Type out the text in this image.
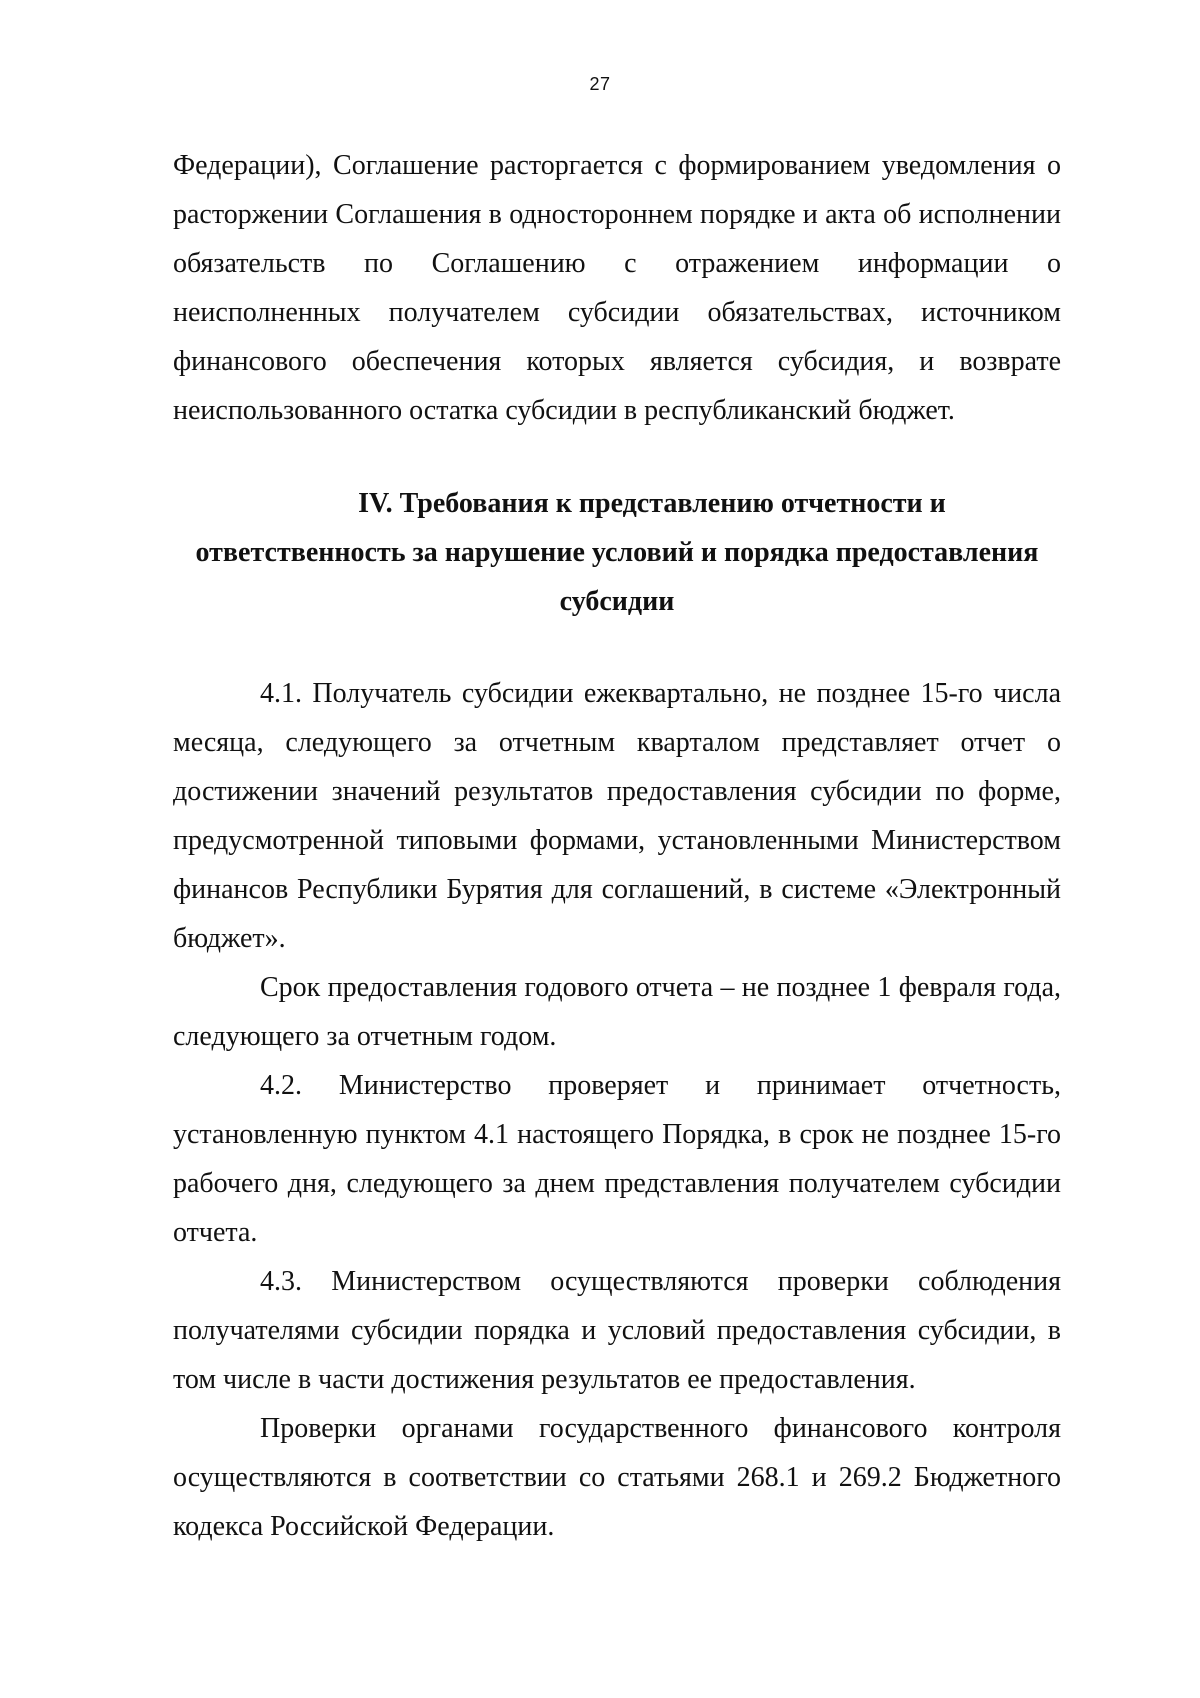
27

Федерации), Соглашение расторгается с формированием уведомления о расторжении Соглашения в одностороннем порядке и акта об исполнении обязательств по Соглашению с отражением информации о неисполненных получателем субсидии обязательствах, источником финансового обеспечения которых является субсидия, и возврате неиспользованного остатка субсидии в республиканский бюджет.

IV. Требования к представлению отчетности и
ответственность за нарушение условий и порядка предоставления
субсидии

4.1. Получатель субсидии ежеквартально, не позднее 15-го числа месяца, следующего за отчетным кварталом представляет отчет о достижении значений результатов предоставления субсидии по форме, предусмотренной типовыми формами, установленными Министерством финансов Республики Бурятия для соглашений, в системе «Электронный бюджет».

Срок предоставления годового отчета – не позднее 1 февраля года, следующего за отчетным годом.

4.2. Министерство проверяет и принимает отчетность, установленную пунктом 4.1 настоящего Порядка, в срок не позднее 15-го рабочего дня, следующего за днем представления получателем субсидии отчета.

4.3. Министерством осуществляются проверки соблюдения получателями субсидии порядка и условий предоставления субсидии, в том числе в части достижения результатов ее предоставления.

Проверки органами государственного финансового контроля осуществляются в соответствии со статьями 268.1 и 269.2 Бюджетного кодекса Российской Федерации.
